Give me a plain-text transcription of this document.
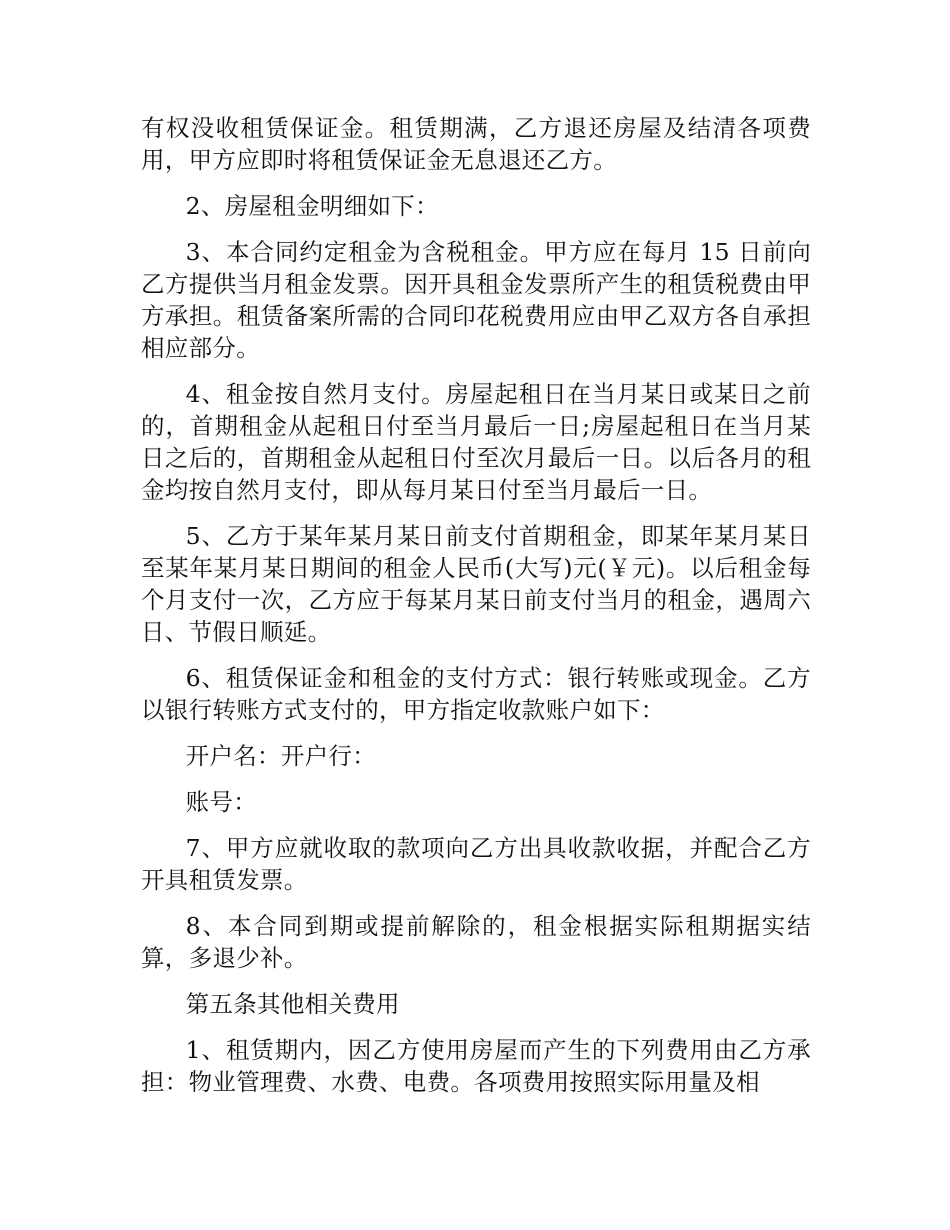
有权没收租赁保证金。租赁期满，乙方退还房屋及结清各项费用，甲方应即时将租赁保证金无息退还乙方。

2、房屋租金明细如下：

3、本合同约定租金为含税租金。甲方应在每月 15 日前向乙方提供当月租金发票。因开具租金发票所产生的租赁税费由甲方承担。租赁备案所需的合同印花税费用应由甲乙双方各自承担相应部分。

4、租金按自然月支付。房屋起租日在当月某日或某日之前的，首期租金从起租日付至当月最后一日;房屋起租日在当月某日之后的，首期租金从起租日付至次月最后一日。以后各月的租金均按自然月支付，即从每月某日付至当月最后一日。

5、乙方于某年某月某日前支付首期租金，即某年某月某日至某年某月某日期间的租金人民币(大写)元(￥元)。以后租金每个月支付一次，乙方应于每某月某日前支付当月的租金，遇周六日、节假日顺延。

6、租赁保证金和租金的支付方式：银行转账或现金。乙方以银行转账方式支付的，甲方指定收款账户如下：

开户名：开户行：

账号：

7、甲方应就收取的款项向乙方出具收款收据，并配合乙方开具租赁发票。

8、本合同到期或提前解除的，租金根据实际租期据实结算，多退少补。

第五条其他相关费用

1、租赁期内，因乙方使用房屋而产生的下列费用由乙方承担：物业管理费、水费、电费。各项费用按照实际用量及相
